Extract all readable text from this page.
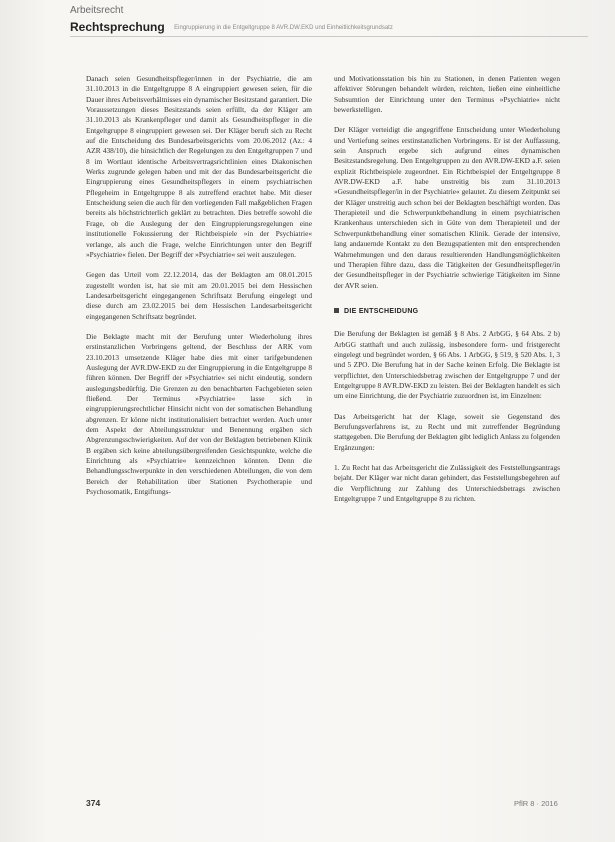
Arbeitsrecht
Rechtsprechung Eingruppierung in die Entgeltgruppe 8 AVR.DW.EKD und Einheitlichkeitsgrundsatz

Danach seien Gesundheitspfleger/innen in der Psychiatrie, die am 31.10.2013 in die Entgeltgruppe 8 A eingruppiert gewesen seien, für die Dauer ihres Arbeitsverhältnisses ein dynamischer Besitzstand garantiert. Die Voraussetzungen dieses Besitzstands seien erfüllt, da der Kläger am 31.10.2013 als Krankenpfleger und damit als Gesundheitspfleger in die Entgeltgruppe 8 eingruppiert gewesen sei. Der Kläger beruft sich zu Recht auf die Entscheidung des Bundesarbeitsgerichts vom 20.06.2012 (Az.: 4 AZR 438/10), die hinsichtlich der Regelungen zu den Entgeltgruppen 7 und 8 im Wortlaut identische Arbeitsvertragsrichtlinien eines Diakonischen Werks zugrunde gelegen haben und mit der das Bundesarbeitsgericht die Eingruppierung eines Gesundheitspflegers in einem psychiatrischen Pflegeheim in Entgeltgruppe 8 als zutreffend erachtet habe. Mit dieser Entscheidung seien die auch für den vorliegenden Fall maßgeblichen Fragen bereits als höchstrichterlich geklärt zu betrachten. Dies betreffe sowohl die Frage, ob die Auslegung der den Eingruppierungsregelungen eine institutionelle Fokussierung der Richtbeispiele »in der Psychiatrie« verlange, als auch die Frage, welche Einrichtungen unter den Begriff »Psychiatrie« fielen. Der Begriff der »Psychiatrie« sei weit auszulegen.

Gegen das Urteil vom 22.12.2014, das der Beklagten am 08.01.2015 zugestellt worden ist, hat sie mit am 20.01.2015 bei dem Hessischen Landesarbeitsgericht eingegangenen Schriftsatz Berufung eingelegt und diese durch am 23.02.2015 bei dem Hessischen Landesarbeitsgericht eingegangenen Schriftsatz begründet.

Die Beklagte macht mit der Berufung unter Wiederholung ihres erstinstanzlichen Vorbringens geltend, der Beschluss der ARK vom 23.10.2013 umsetzende Kläger habe dies mit einer tarifgebundenen Auslegung der AVR.DW-EKD zu der Eingruppierung in die Entgeltgruppe 8 führen können. Der Begriff der »Psychiatrie« sei nicht eindeutig, sondern auslegungsbedürftig. Die Grenzen zu den benachbarten Fachgebieten seien fließend. Der Terminus »Psychiatrie« lasse sich in eingruppierungsrechtlicher Hinsicht nicht von der somatischen Behandlung abgrenzen. Er könne nicht institutionalisiert betrachtet werden. Auch unter dem Aspekt der Abteilungsstruktur und Benennung ergäben sich Abgrenzungsschwierigkeiten. Auf der von der Beklagten betriebenen Klinik B ergäben sich keine abteilungsübergreifenden Gesichtspunkte, welche die Einrichtung als »Psychiatrie« kennzeichnen könnten. Denn die Behandlungsschwerpunkte in den verschiedenen Abteilungen, die von dem Bereich der Rehabilitation über Stationen Psychotherapie und Psychosomatik, Entgiftungs-

und Motivationsstation bis hin zu Stationen, in denen Patienten wegen affektiver Störungen behandelt würden, reichten, ließen eine einheitliche Subsumtion der Einrichtung unter den Terminus »Psychiatrie« nicht bewerkstelligen.

Der Kläger verteidigt die angegriffene Entscheidung unter Wiederholung und Vertiefung seines erstinstanzlichen Vorbringens. Er ist der Auffassung, sein Anspruch ergebe sich aufgrund eines dynamischen Besitzstandsregelung. Den Entgeltgruppen zu den AVR.DW-EKD a.F. seien explizit Richtbeispiele zugeordnet. Ein Richtbeispiel der Entgeltgruppe 8 AVR.DW-EKD a.F. habe unstreitig bis zum 31.10.2013 »Gesundheitspfleger/in in der Psychiatrie« gelautet. Zu diesem Zeitpunkt sei der Kläger unstreitig auch schon bei der Beklagten beschäftigt worden. Das Therapieteil und die Schwerpunktbehandlung in einem psychiatrischen Krankenhaus unterschieden sich in Güte von dem Therapieteil und der Schwerpunktbehandlung einer somatischen Klinik. Gerade der intensive, lang andauernde Kontakt zu den Bezugspatienten mit den entsprechenden Wahrnehmungen und den daraus resultierenden Handlungsmöglichkeiten und Therapien führe dazu, dass die Tätigkeiten der Gesundheitspfleger/in der Gesundheitspfleger in der Psychiatrie schwierige Tätigkeiten im Sinne der AVR seien.

DIE ENTSCHEIDUNG

Die Berufung der Beklagten ist gemäß § 8 Abs. 2 ArbGG, § 64 Abs. 2 b) ArbGG statthaft und auch zulässig, insbesondere form- und fristgerecht eingelegt und begründet worden, § 66 Abs. 1 ArbGG, § 519, § 520 Abs. 1, 3 und 5 ZPO. Die Berufung hat in der Sache keinen Erfolg. Die Beklagte ist verpflichtet, den Unterschiedsbetrag zwischen der Entgeltgruppe 7 und der Entgeltgruppe 8 AVR.DW-EKD zu leisten. Bei der Beklagten handelt es sich um eine Einrichtung, die der Psychiatrie zuzuordnen ist, im Einzelnen:

Das Arbeitsgericht hat der Klage, soweit sie Gegenstand des Berufungsverfahrens ist, zu Recht und mit zutreffender Begründung stattgegeben. Die Berufung der Beklagten gibt lediglich Anlass zu folgenden Ergänzungen:

1. Zu Recht hat das Arbeitsgericht die Zulässigkeit des Feststellungsantrags bejaht. Der Kläger war nicht daran gehindert, das Feststellungsbegehren auf die Verpflichtung zur Zahlung des Unterschiedsbetrags zwischen Entgeltgruppe 7 und Entgeltgruppe 8 zu richten.

374	PflR 8 · 2016
